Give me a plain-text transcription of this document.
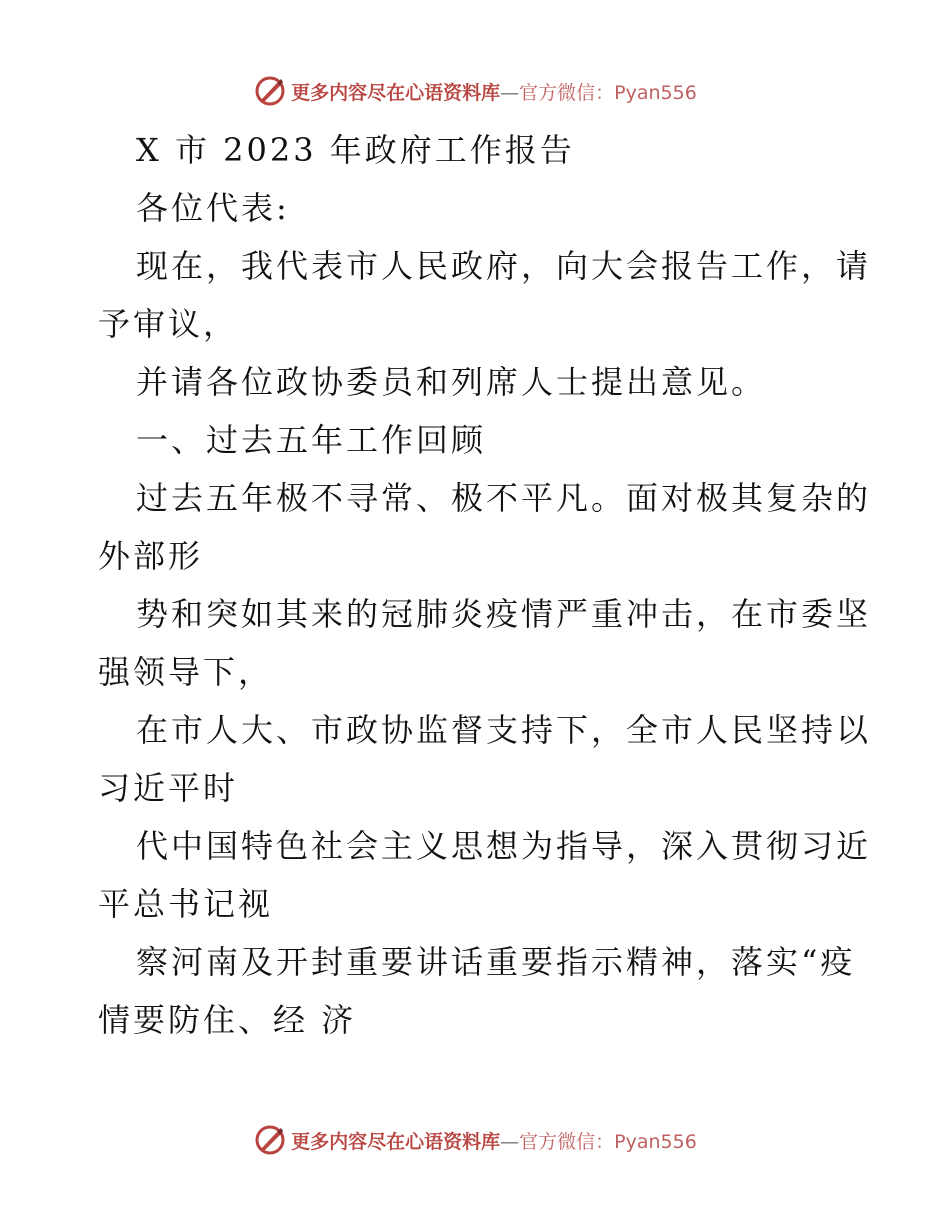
更多内容尽在心语资料库—官方微信：Pyan556
X 市 2023 年政府工作报告
各位代表:
现在，我代表市人民政府，向大会报告工作，请
予审议，
并请各位政协委员和列席人士提出意见。
一、过去五年工作回顾
过去五年极不寻常、极不平凡。面对极其复杂的
外部形
势和突如其来的冠肺炎疫情严重冲击，在市委坚
强领导下，
在市人大、市政协监督支持下，全市人民坚持以
习近平时
代中国特色社会主义思想为指导，深入贯彻习近
平总书记视
察河南及开封重要讲话重要指示精神，落实“疫
情要防住、经 济
更多内容尽在心语资料库—官方微信：Pyan556
